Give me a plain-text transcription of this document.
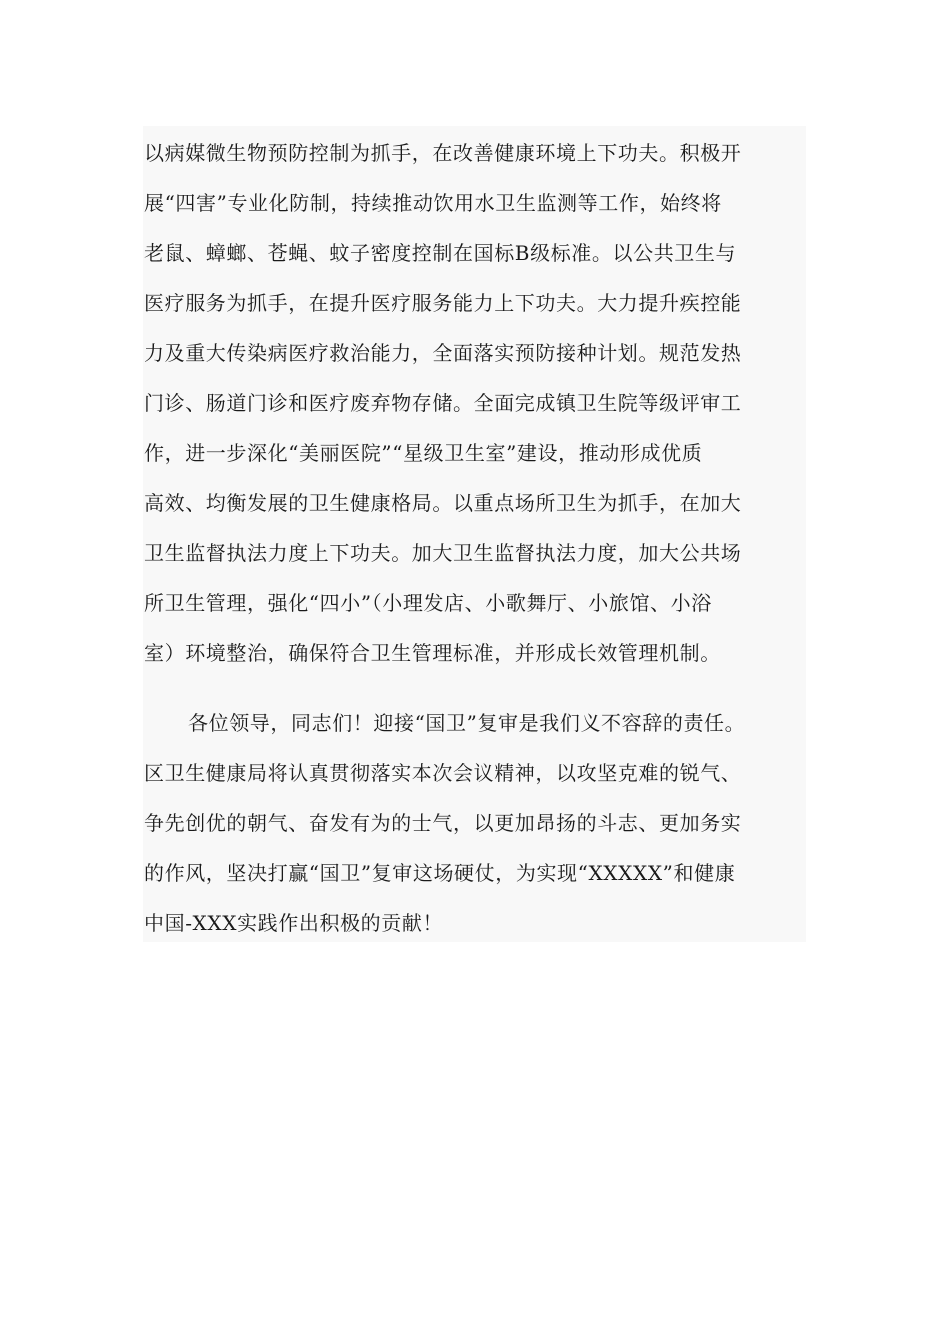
以病媒微生物预防控制为抓手，在改善健康环境上下功夫。积极开
展“四害”专业化防制，持续推动饮用水卫生监测等工作，始终将
老鼠、蟑螂、苍蝇、蚊子密度控制在国标B级标准。以公共卫生与
医疗服务为抓手，在提升医疗服务能力上下功夫。大力提升疾控能
力及重大传染病医疗救治能力，全面落实预防接种计划。规范发热
门诊、肠道门诊和医疗废弃物存储。全面完成镇卫生院等级评审工
作，进一步深化“美丽医院”“星级卫生室”建设，推动形成优质
高效、均衡发展的卫生健康格局。以重点场所卫生为抓手，在加大
卫生监督执法力度上下功夫。加大卫生监督执法力度，加大公共场
所卫生管理，强化“四小”（小理发店、小歌舞厅、小旅馆、小浴
室）环境整治，确保符合卫生管理标准，并形成长效管理机制。
各位领导，同志们！迎接“国卫”复审是我们义不容辞的责任。
区卫生健康局将认真贯彻落实本次会议精神，以攻坚克难的锐气、
争先创优的朝气、奋发有为的士气，以更加昂扬的斗志、更加务实
的作风，坚决打赢“国卫”复审这场硬仗，为实现“XXXXX”和健康
中国-XXX实践作出积极的贡献！
